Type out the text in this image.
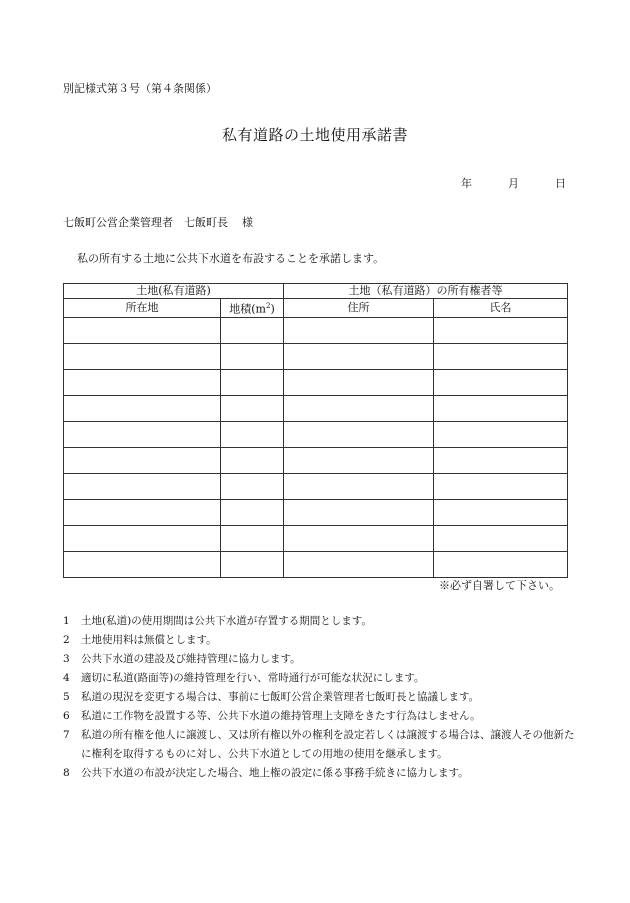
別記様式第３号（第４条関係）
私有道路の土地使用承諾書
年	月	日
七飯町公営企業管理者　七飯町長 様
私の所有する土地に公共下水道を布設することを承諾します。
土地(私有道路)		土地（私有道路）の所有権者等	
所在地	地積$(m^2)$	住所	氏名

※必ず自署して下さい。
1	土地(私道)の使用期間は公共下水道が存置する期間とします。
2	土地使用料は無償とします。
3	公共下水道の建設及び維持管理に協力します。
4	適切に私道(路面等)の維持管理を行い、常時通行が可能な状況にします。
5	私道の現況を変更する場合は、事前に七飯町公営企業管理者七飯町長と協議します。
6	私道に工作物を設置する等、公共下水道の維持管理上支障をきたす行為はしません。
7	私道の所有権を他人に譲渡し、又は所有権以外の権利を設定若しくは譲渡する場合は、譲渡人その他新たに権利を取得するものに対し、公共下水道としての用地の使用を継承します。
8	公共下水道の布設が決定した場合、地上権の設定に係る事務手続きに協力します。
